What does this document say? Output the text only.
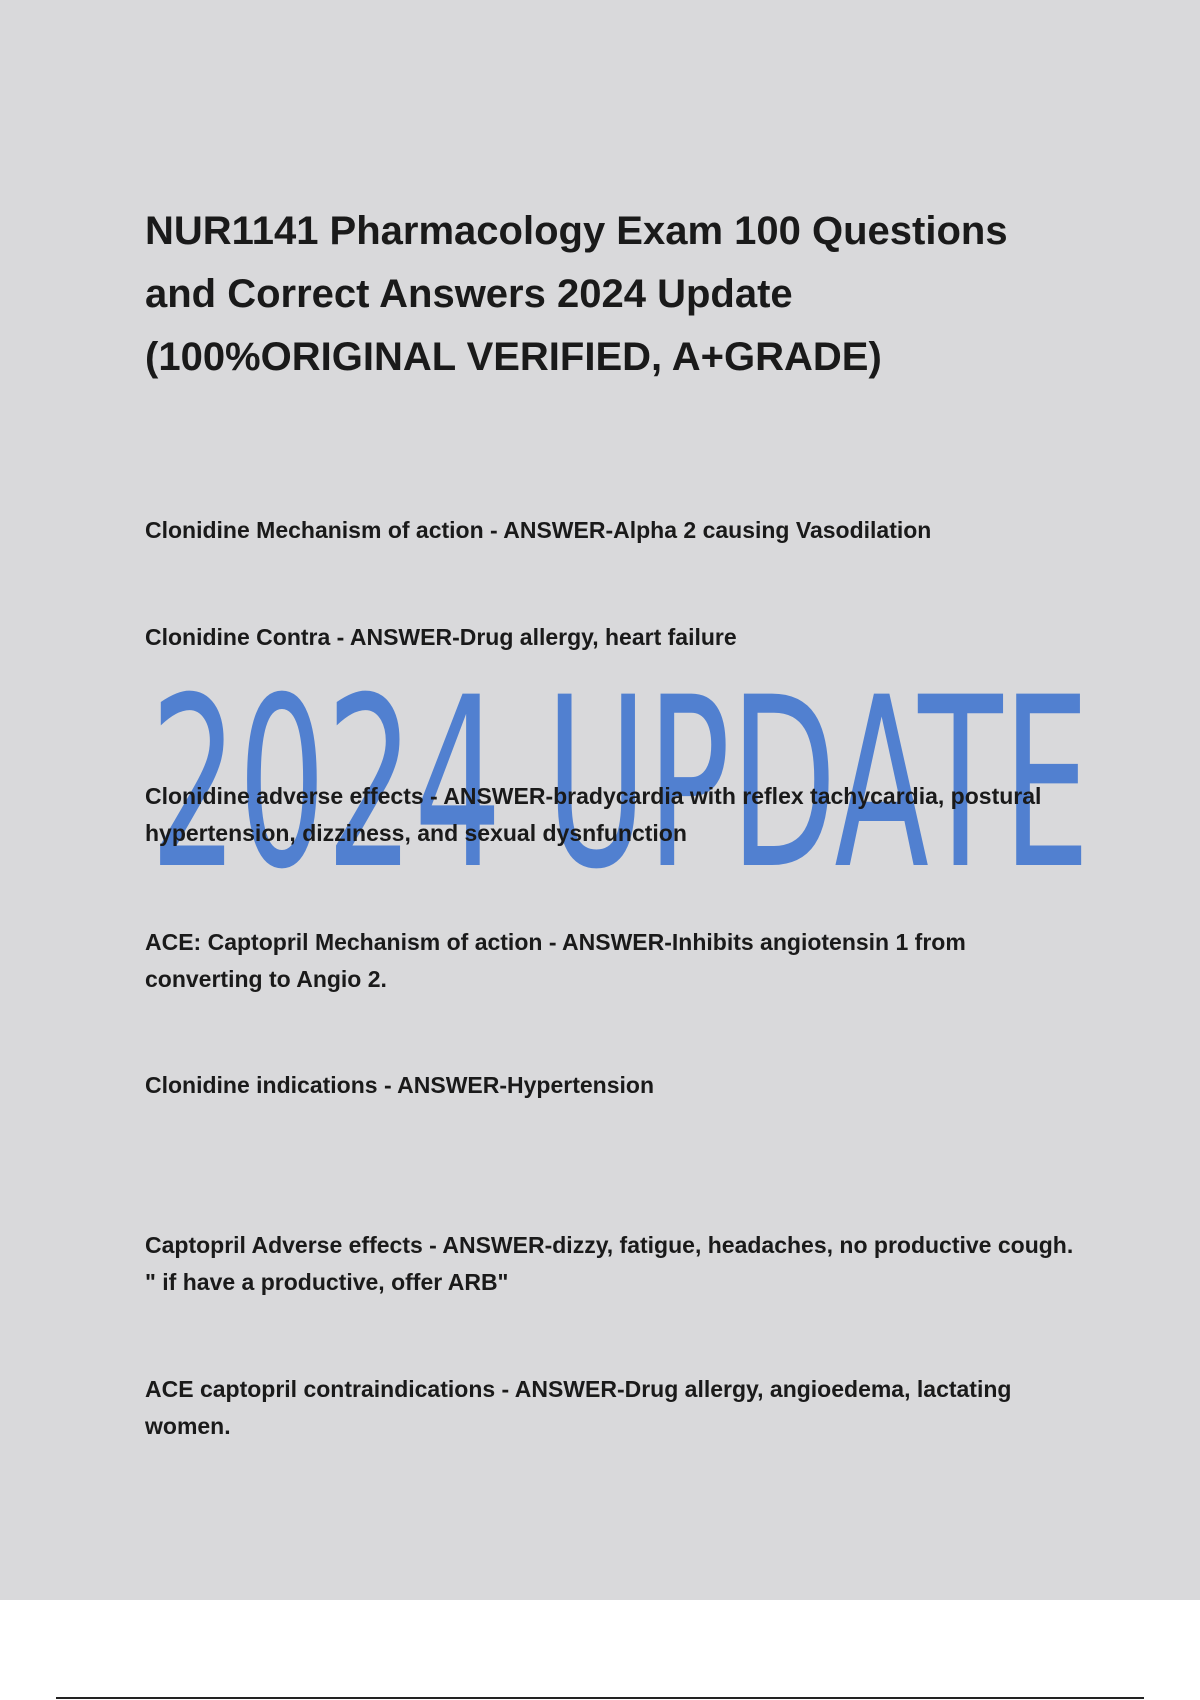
NUR1141 Pharmacology Exam 100 Questions and Correct Answers 2024 Update (100%ORIGINAL VERIFIED, A+GRADE)
2024 UPDATE

Clonidine Mechanism of action - ANSWER-Alpha 2 causing Vasodilation

Clonidine Contra - ANSWER-Drug allergy, heart failure

Clonidine adverse effects - ANSWER-bradycardia with reflex tachycardia, postural hypertension, dizziness, and sexual dysnfunction

ACE: Captopril Mechanism of action - ANSWER-Inhibits angiotensin 1 from converting to Angio 2.

Clonidine indications - ANSWER-Hypertension

Captopril Adverse effects - ANSWER-dizzy, fatigue, headaches, no productive cough. " if have a productive, offer ARB"

ACE captopril contraindications - ANSWER-Drug allergy, angioedema, lactating women.
